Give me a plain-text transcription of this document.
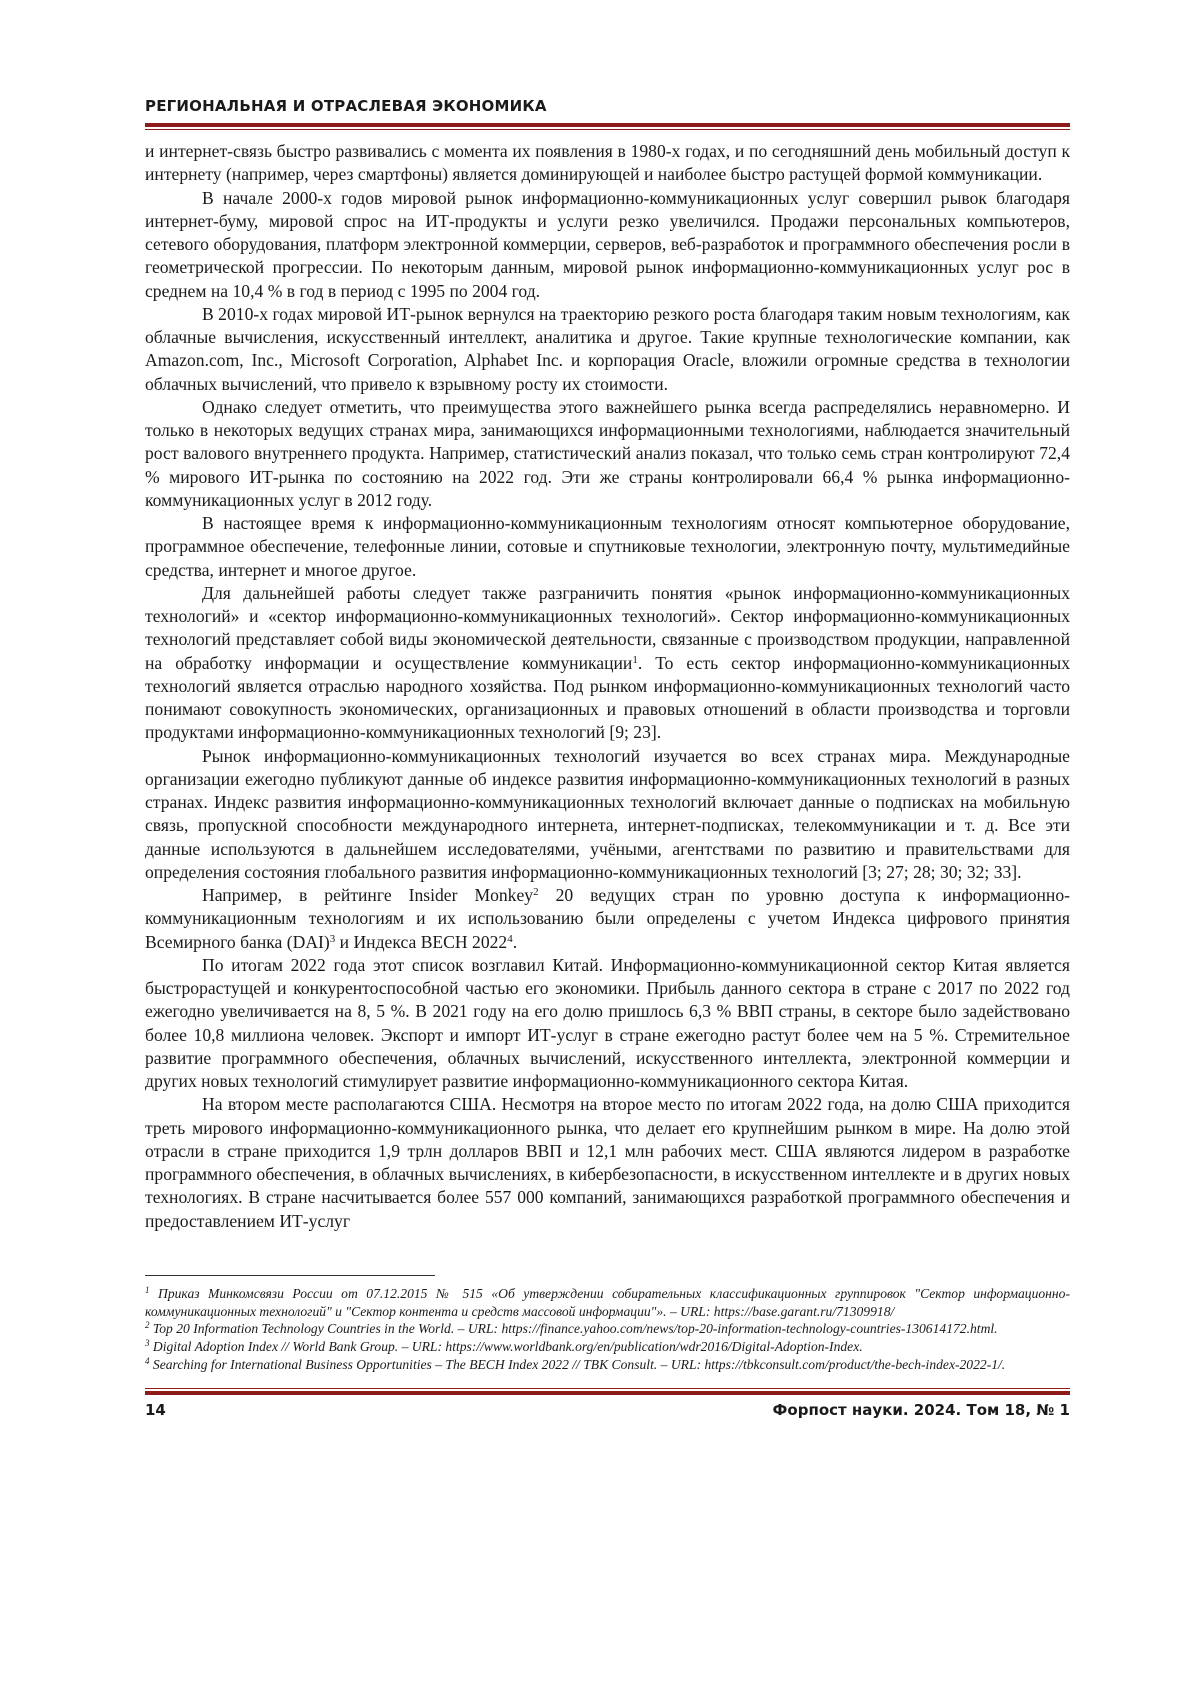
РЕГИОНАЛЬНАЯ И ОТРАСЛЕВАЯ ЭКОНОМИКА

и интернет-связь быстро развивались с момента их появления в 1980-х годах, и по сегодняшний день мобильный доступ к интернету (например, через смартфоны) является доминирующей и наиболее быстро растущей формой коммуникации.

В начале 2000-х годов мировой рынок информационно-коммуникационных услуг совершил рывок благодаря интернет-буму, мировой спрос на ИТ-продукты и услуги резко увеличился. Продажи персональных компьютеров, сетевого оборудования, платформ электронной коммерции, серверов, веб-разработок и программного обеспечения росли в геометрической прогрессии. По некоторым данным, мировой рынок информационно-коммуникационных услуг рос в среднем на 10,4 % в год в период с 1995 по 2004 год.

В 2010-х годах мировой ИТ-рынок вернулся на траекторию резкого роста благодаря таким новым технологиям, как облачные вычисления, искусственный интеллект, аналитика и другое. Такие крупные технологические компании, как Amazon.com, Inc., Microsoft Corporation, Alphabet Inc. и корпорация Oracle, вложили огромные средства в технологии облачных вычислений, что привело к взрывному росту их стоимости.

Однако следует отметить, что преимущества этого важнейшего рынка всегда распределялись неравномерно. И только в некоторых ведущих странах мира, занимающихся информационными технологиями, наблюдается значительный рост валового внутреннего продукта. Например, статистический анализ показал, что только семь стран контролируют 72,4 % мирового ИТ-рынка по состоянию на 2022 год. Эти же страны контролировали 66,4 % рынка информационно-коммуникационных услуг в 2012 году.

В настоящее время к информационно-коммуникационным технологиям относят компьютерное оборудование, программное обеспечение, телефонные линии, сотовые и спутниковые технологии, электронную почту, мультимедийные средства, интернет и многое другое.

Для дальнейшей работы следует также разграничить понятия «рынок информационно-коммуникационных технологий» и «сектор информационно-коммуникационных технологий». Сектор информационно-коммуникационных технологий представляет собой виды экономической деятельности, связанные с производством продукции, направленной на обработку информации и осуществление коммуникации$^1$. То есть сектор информационно-коммуникационных технологий является отраслью народного хозяйства. Под рынком информационно-коммуникационных технологий часто понимают совокупность экономических, организационных и правовых отношений в области производства и торговли продуктами информационно-коммуникационных технологий [9; 23].

Рынок информационно-коммуникационных технологий изучается во всех странах мира. Международные организации ежегодно публикуют данные об индексе развития информационно-коммуникационных технологий в разных странах. Индекс развития информационно-коммуникационных технологий включает данные о подписках на мобильную связь, пропускной способности международного интернета, интернет-подписках, телекоммуникации и т. д. Все эти данные используются в дальнейшем исследователями, учёными, агентствами по развитию и правительствами для определения состояния глобального развития информационно-коммуникационных технологий [3; 27; 28; 30; 32; 33].

Например, в рейтинге Insider Monkey$^2$ 20 ведущих стран по уровню доступа к информационно-коммуникационным технологиям и их использованию были определены с учетом Индекса цифрового принятия Всемирного банка (DAI)$^3$ и Индекса BECH 2022$^4$.

По итогам 2022 года этот список возглавил Китай. Информационно-коммуникационной сектор Китая является быстрорастущей и конкурентоспособной частью его экономики. Прибыль данного сектора в стране с 2017 по 2022 год ежегодно увеличивается на 8, 5 %. В 2021 году на его долю пришлось 6,3 % ВВП страны, в секторе было задействовано более 10,8 миллиона человек. Экспорт и импорт ИТ-услуг в стране ежегодно растут более чем на 5 %. Стремительное развитие программного обеспечения, облачных вычислений, искусственного интеллекта, электронной коммерции и других новых технологий стимулирует развитие информационно-коммуникационного сектора Китая.

На втором месте располагаются США. Несмотря на второе место по итогам 2022 года, на долю США приходится треть мирового информационно-коммуникационного рынка, что делает его крупнейшим рынком в мире. На долю этой отрасли в стране приходится 1,9 трлн долларов ВВП и 12,1 млн рабочих мест. США являются лидером в разработке программного обеспечения, в облачных вычислениях, в кибербезопасности, в искусственном интеллекте и в других новых технологиях. В стране насчитывается более 557 000 компаний, занимающихся разработкой программного обеспечения и предоставлением ИТ-услуг

$^1$ Приказ Минкомсвязи России от 07.12.2015 № 515 «Об утверждении собирательных классификационных группировок "Сектор информационно-коммуникационных технологий" и "Сектор контента и средств массовой информации"». – URL: https://base.garant.ru/71309918/

$^2$ Top 20 Information Technology Countries in the World. – URL: https://finance.yahoo.com/news/top-20-information-technology-countries-130614172.html.

$^3$ Digital Adoption Index // World Bank Group. – URL: https://www.worldbank.org/en/publication/wdr2016/Digital-Adoption-Index.

$^4$ Searching for International Business Opportunities – The BECH Index 2022 // TBK Consult. – URL: https://tbkconsult.com/product/the-bech-index-2022-1/.

14	Форпост науки. 2024. Том 18, № 1
